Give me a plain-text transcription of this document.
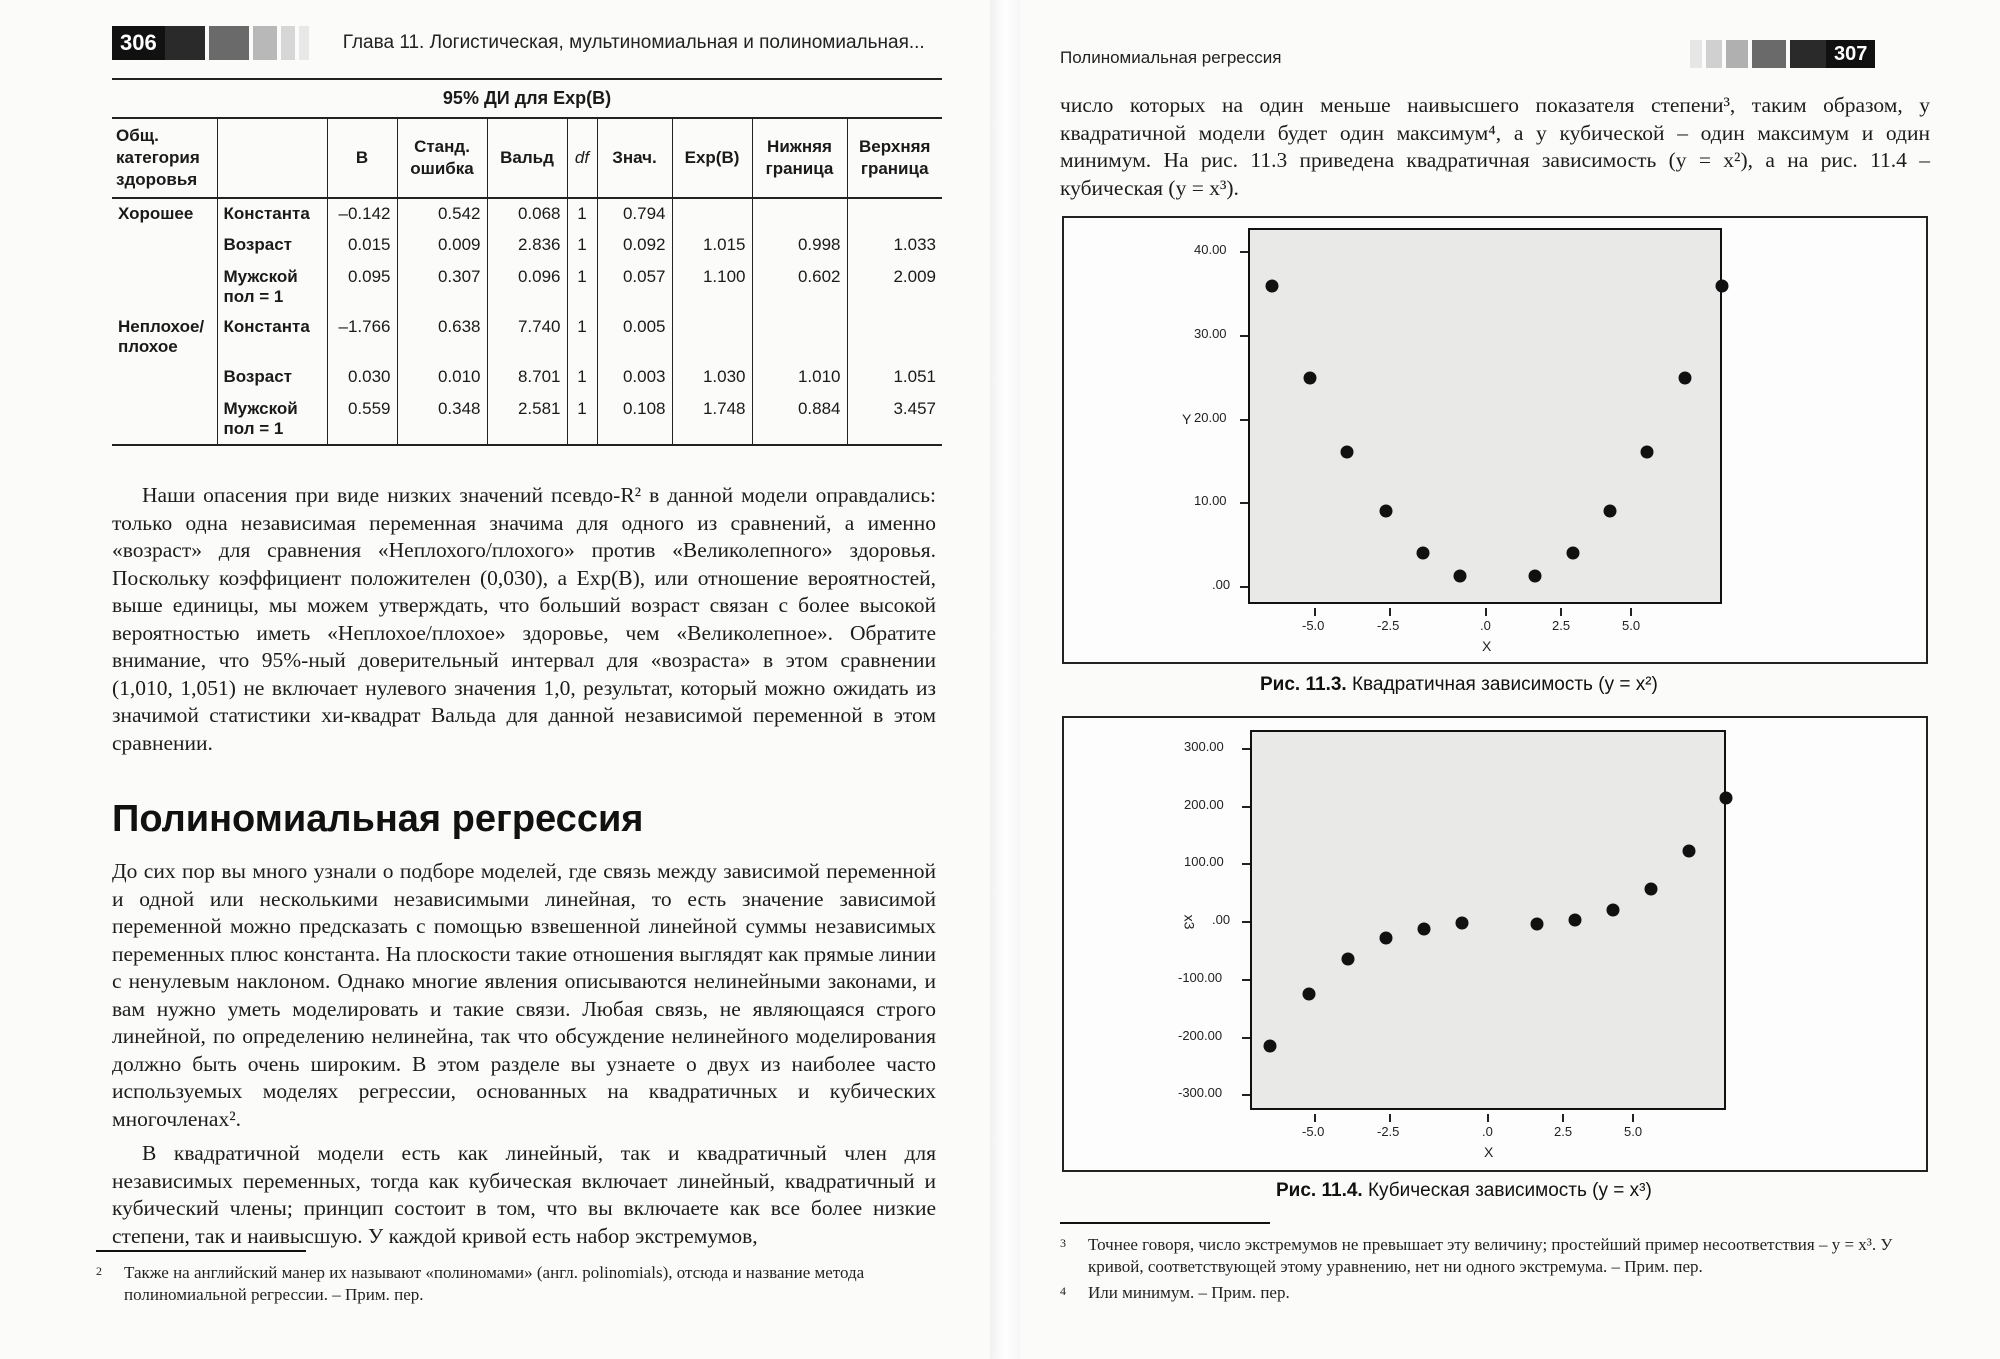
306	Глава 11. Логистическая, мультиномиальная и полиномиальная...
95% ДИ для Exp(B)
Общ. категория здоровья		B	Станд. ошибка	Вальд	df	Знач.	Exp(B)	Нижняя граница	Верхняя граница
Хорошее	Константа	–0.142	0.542	0.068	1	0.794			
	Возраст	0.015	0.009	2.836	1	0.092	1.015	0.998	1.033
	Мужской пол = 1	0.095	0.307	0.096	1	0.057	1.100	0.602	2.009
Неплохое/ плохое	Константа	–1.766	0.638	7.740	1	0.005			
	Возраст	0.030	0.010	8.701	1	0.003	1.030	1.010	1.051
	Мужской пол = 1	0.559	0.348	2.581	1	0.108	1.748	0.884	3.457

Наши опасения при виде низких значений псевдо-R² в данной модели оправдались: только одна независимая переменная значима для одного из сравнений, а именно «возраст» для сравнения «Неплохого/плохого» против «Великолепного» здоровья. Поскольку коэффициент положителен (0,030), а Exp(B), или отношение вероятностей, выше единицы, мы можем утверждать, что больший возраст связан с более высокой вероятностью иметь «Неплохое/плохое» здоровье, чем «Великолепное». Обратите внимание, что 95%-ный доверительный интервал для «возраста» в этом сравнении (1,010, 1,051) не включает нулевого значения 1,0, результат, который можно ожидать из значимой статистики хи-квадрат Вальда для данной независимой переменной в этом сравнении.

Полиномиальная регрессия

До сих пор вы много узнали о подборе моделей, где связь между зависимой переменной и одной или несколькими независимыми линейная, то есть значение зависимой переменной можно предсказать с помощью взвешенной линейной суммы независимых переменных плюс константа. На плоскости такие отношения выглядят как прямые линии с ненулевым наклоном. Однако многие явления описываются нелинейными законами, и вам нужно уметь моделировать и такие связи. Любая связь, не являющаяся строго линейной, по определению нелинейна, так что обсуждение нелинейного моделирования должно быть очень широким. В этом разделе вы узнаете о двух из наиболее часто используемых моделях регрессии, основанных на квадратичных и кубических многочленах².

В квадратичной модели есть как линейный, так и квадратичный член для независимых переменных, тогда как кубическая включает линейный, квадратичный и кубический члены; принцип состоит в том, что вы включаете как все более низкие степени, так и наивысшую. У каждой кривой есть набор экстремумов,

2 Также на английский манер их называют «полиномами» (англ. polinomials), отсюда и название метода полиномиальной регрессии. – Прим. пер.
Полиномиальная регрессия	307

число которых на один меньше наивысшего показателя степени³, таким образом, у квадратичной модели будет один максимум⁴, а у кубической – один максимум и один минимум. На рис. 11.3 приведена квадратичная зависимость (y = x²), а на рис. 11.4 – кубическая (y = x³).

40.00
30.00
20.00
10.00
.00
Y
-5.0	-2.5	.0	2.5	5.0
X
Рис. 11.3. Квадратичная зависимость (y = x²)
300.00
200.00
100.00
.00
-100.00
-200.00
-300.00
x3
-5.0	-2.5	.0	2.5	5.0
X
Рис. 11.4. Кубическая зависимость (y = x³)
3 Точнее говоря, число экстремумов не превышает эту величину; простейший пример несоответствия – y = x³. У кривой, соответствующей этому уравнению, нет ни одного экстремума. – Прим. пер.
4 Или минимум. – Прим. пер.
